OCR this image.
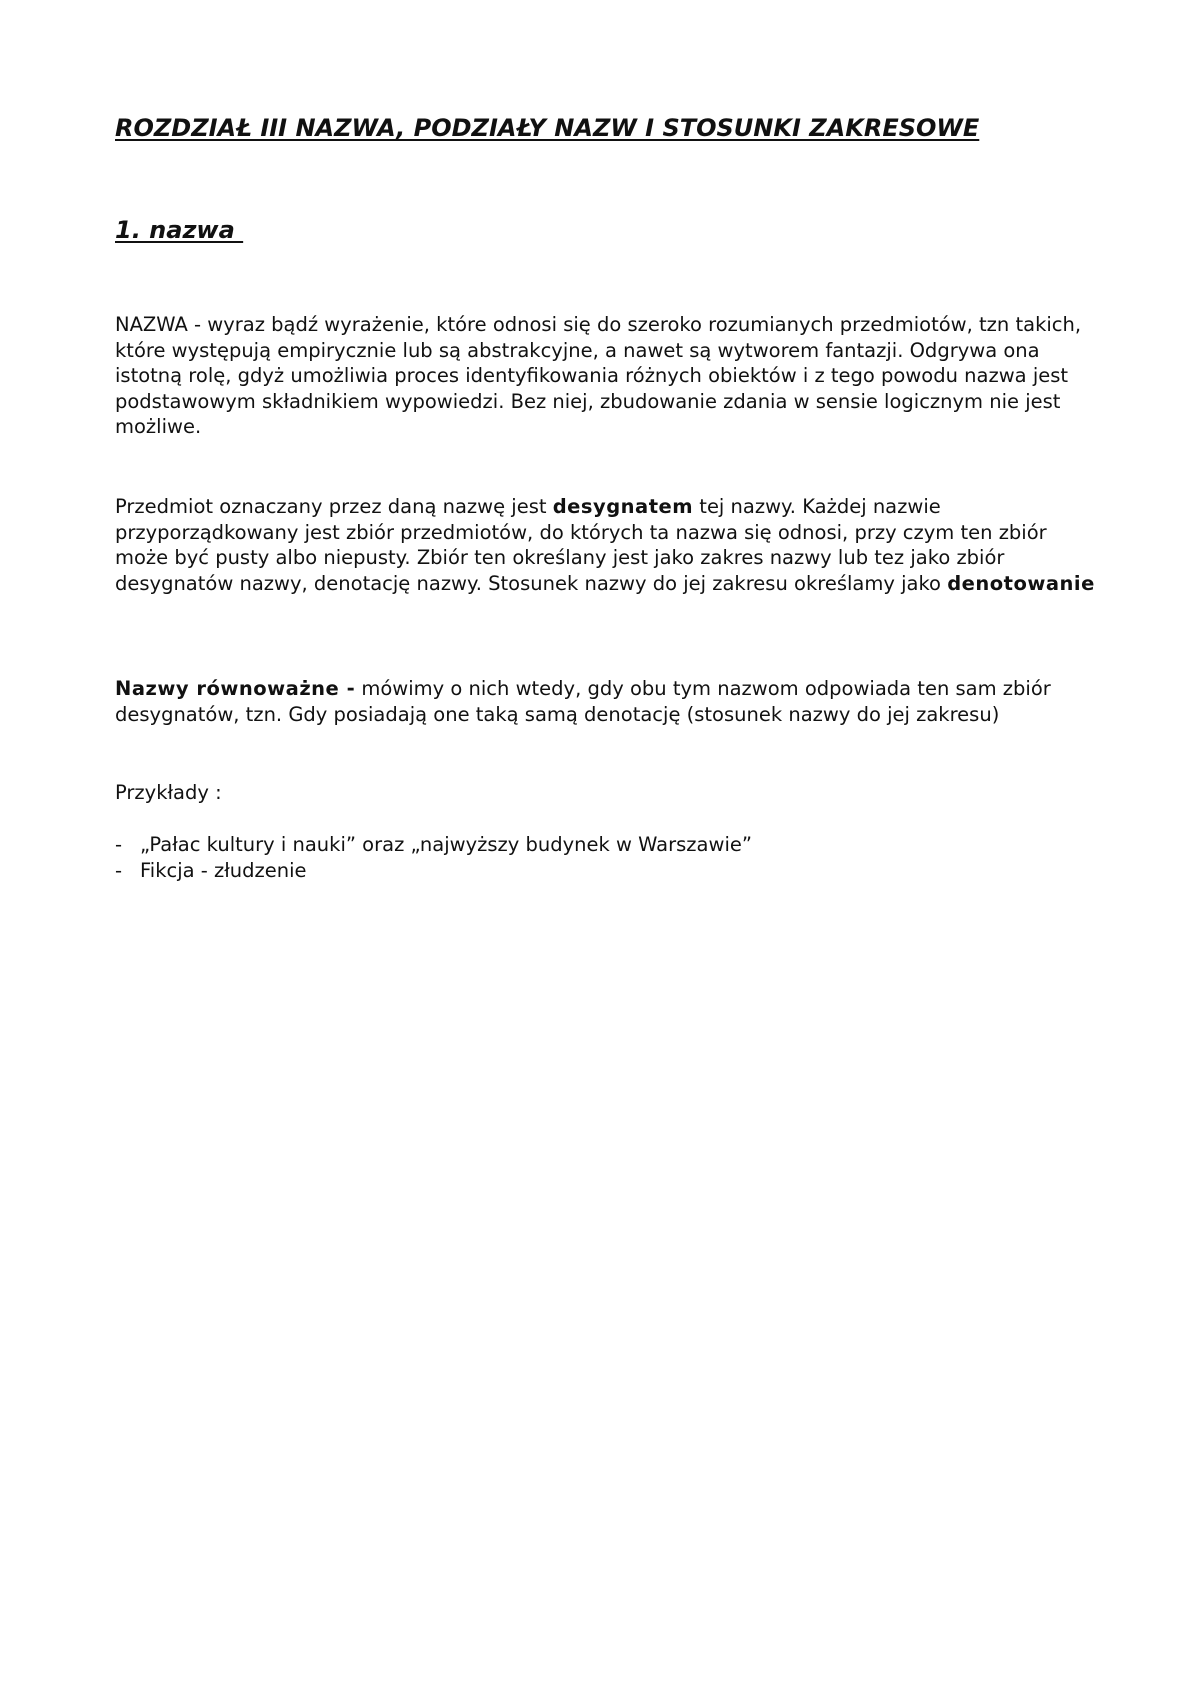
ROZDZIAŁ III NAZWA, PODZIAŁY NAZW I STOSUNKI ZAKRESOWE
1. nazwa

NAZWA - wyraz bądź wyrażenie, które odnosi się do szeroko rozumianych przedmiotów, tzn takich, które występują empirycznie lub są abstrakcyjne, a nawet są wytworem fantazji. Odgrywa ona istotną rolę, gdyż umożliwia proces identyfikowania różnych obiektów i z tego powodu nazwa jest podstawowym składnikiem wypowiedzi. Bez niej, zbudowanie zdania w sensie logicznym nie jest możliwe.

Przedmiot oznaczany przez daną nazwę jest desygnatem tej nazwy. Każdej nazwie przyporządkowany jest zbiór przedmiotów, do których ta nazwa się odnosi, przy czym ten zbiór może być pusty albo niepusty. Zbiór ten określany jest jako zakres nazwy lub tez jako zbiór desygnatów nazwy, denotację nazwy. Stosunek nazwy do jej zakresu określamy jako denotowanie

Nazwy równoważne - mówimy o nich wtedy, gdy obu tym nazwom odpowiada ten sam zbiór desygnatów, tzn. Gdy posiadają one taką samą denotację (stosunek nazwy do jej zakresu)

Przykłady :

- „Pałac kultury i nauki” oraz „najwyższy budynek w Warszawie”
- Fikcja - złudzenie
